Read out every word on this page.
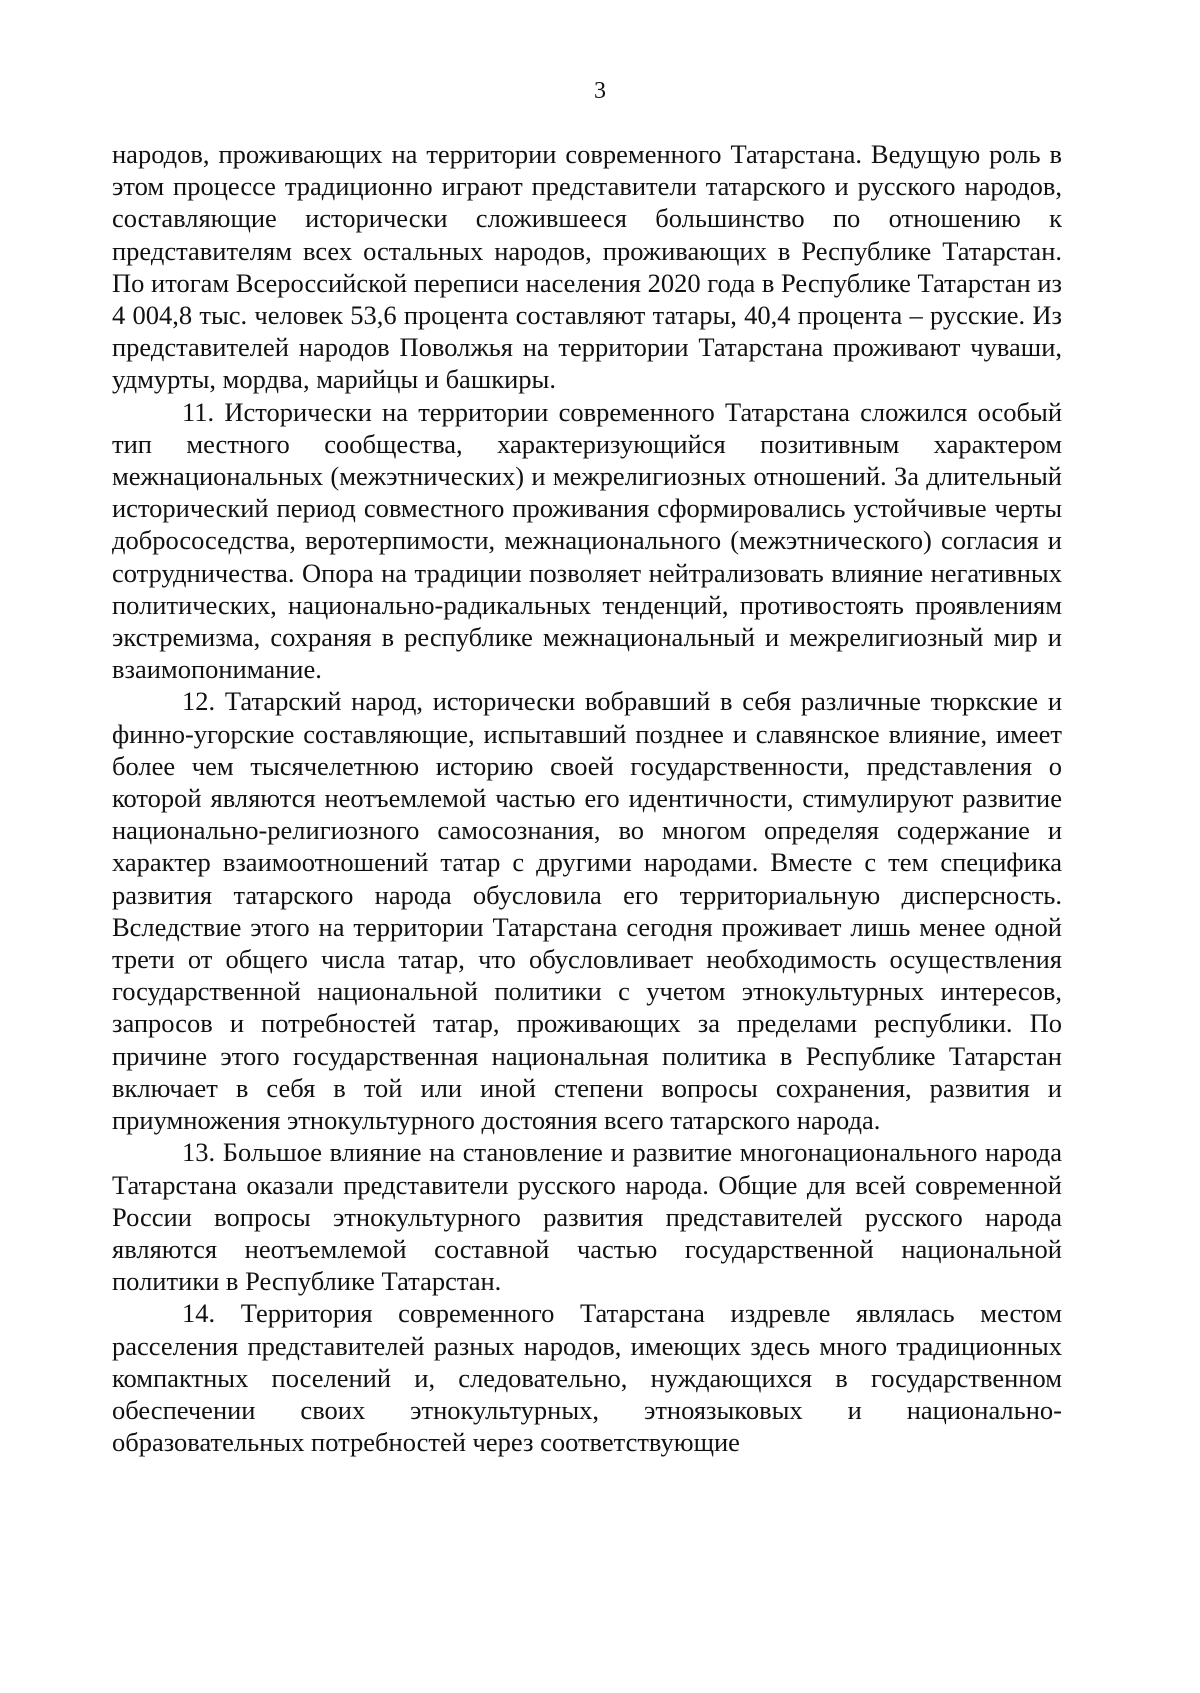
3

народов, проживающих на территории современного Татарстана. Ведущую роль в этом процессе традиционно играют представители татарского и русского народов, составляющие исторически сложившееся большинство по отношению к представителям всех остальных народов, проживающих в Республике Татарстан. По итогам Всероссийской переписи населения 2020 года в Республике Татарстан из 4 004,8 тыс. человек 53,6 процента составляют татары, 40,4 процента – русские. Из представителей народов Поволжья на территории Татарстана проживают чуваши, удмурты, мордва, марийцы и башкиры.

11. Исторически на территории современного Татарстана сложился особый тип местного сообщества, характеризующийся позитивным характером межнациональных (межэтнических) и межрелигиозных отношений. За длительный исторический период совместного проживания сформировались устойчивые черты добрососедства, веротерпимости, межнационального (межэтнического) согласия и сотрудничества. Опора на традиции позволяет нейтрализовать влияние негативных политических, национально-радикальных тенденций, противостоять проявлениям экстремизма, сохраняя в республике межнациональный и межрелигиозный мир и взаимопонимание.

12. Татарский народ, исторически вобравший в себя различные тюркские и финно-угорские составляющие, испытавший позднее и славянское влияние, имеет более чем тысячелетнюю историю своей государственности, представления о которой являются неотъемлемой частью его идентичности, стимулируют развитие национально-религиозного самосознания, во многом определяя содержание и характер взаимоотношений татар с другими народами. Вместе с тем специфика развития татарского народа обусловила его территориальную дисперсность. Вследствие этого на территории Татарстана сегодня проживает лишь менее одной трети от общего числа татар, что обусловливает необходимость осуществления государственной национальной политики с учетом этнокультурных интересов, запросов и потребностей татар, проживающих за пределами республики. По причине этого государственная национальная политика в Республике Татарстан включает в себя в той или иной степени вопросы сохранения, развития и приумножения этнокультурного достояния всего татарского народа.

13. Большое влияние на становление и развитие многонационального народа Татарстана оказали представители русского народа. Общие для всей современной России вопросы этнокультурного развития представителей русского народа являются неотъемлемой составной частью государственной национальной политики в Республике Татарстан.

14. Территория современного Татарстана издревле являлась местом расселения представителей разных народов, имеющих здесь много традиционных компактных поселений и, следовательно, нуждающихся в государственном обеспечении своих этнокультурных, этноязыковых и национально-образовательных потребностей через соответствующие
